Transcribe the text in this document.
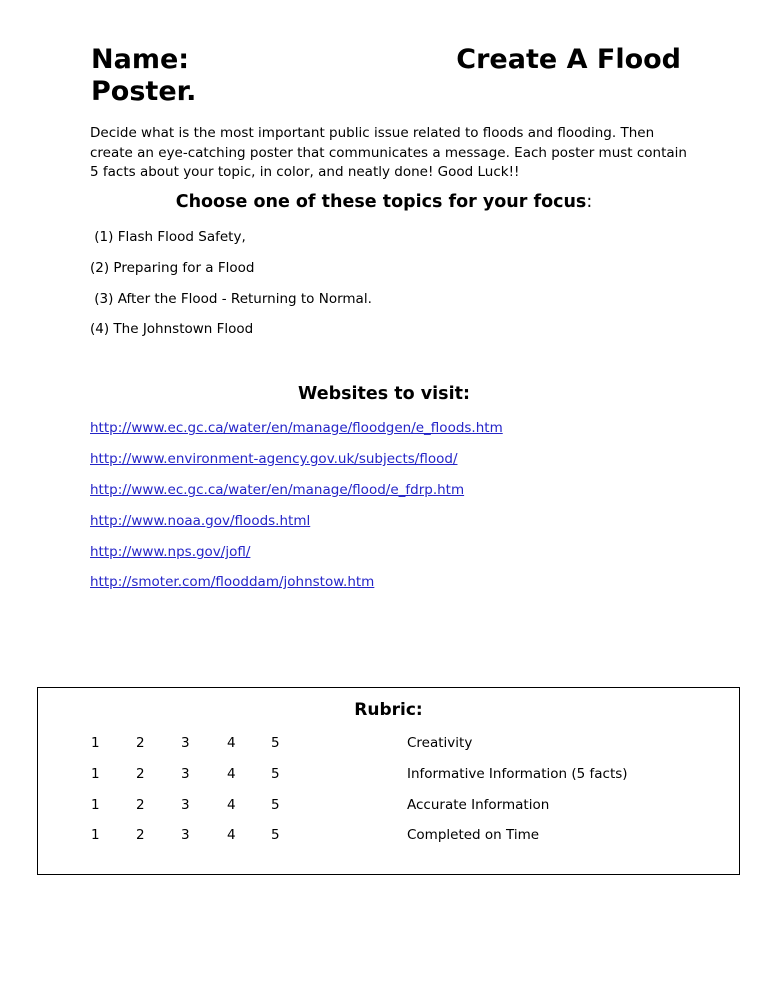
Name:	Create A Flood
Poster.
Decide what is the most important public issue related to floods and flooding. Then create an eye-catching poster that communicates a message. Each poster must contain 5 facts about your topic, in color, and neatly done! Good Luck!!
Choose one of these topics for your focus:
(1) Flash Flood Safety,
(2) Preparing for a Flood
(3) After the Flood - Returning to Normal.
(4) The Johnstown Flood
Websites to visit:
http://www.ec.gc.ca/water/en/manage/floodgen/e_floods.htm
http://www.environment-agency.gov.uk/subjects/flood/
http://www.ec.gc.ca/water/en/manage/flood/e_fdrp.htm
http://www.noaa.gov/floods.html
http://www.nps.gov/jofl/
http://smoter.com/flooddam/johnstow.htm
Rubric:
1	2	3	4	5	Creativity
1	2	3	4	5	Informative Information (5 facts)
1	2	3	4	5	Accurate Information
1	2	3	4	5	Completed on Time
